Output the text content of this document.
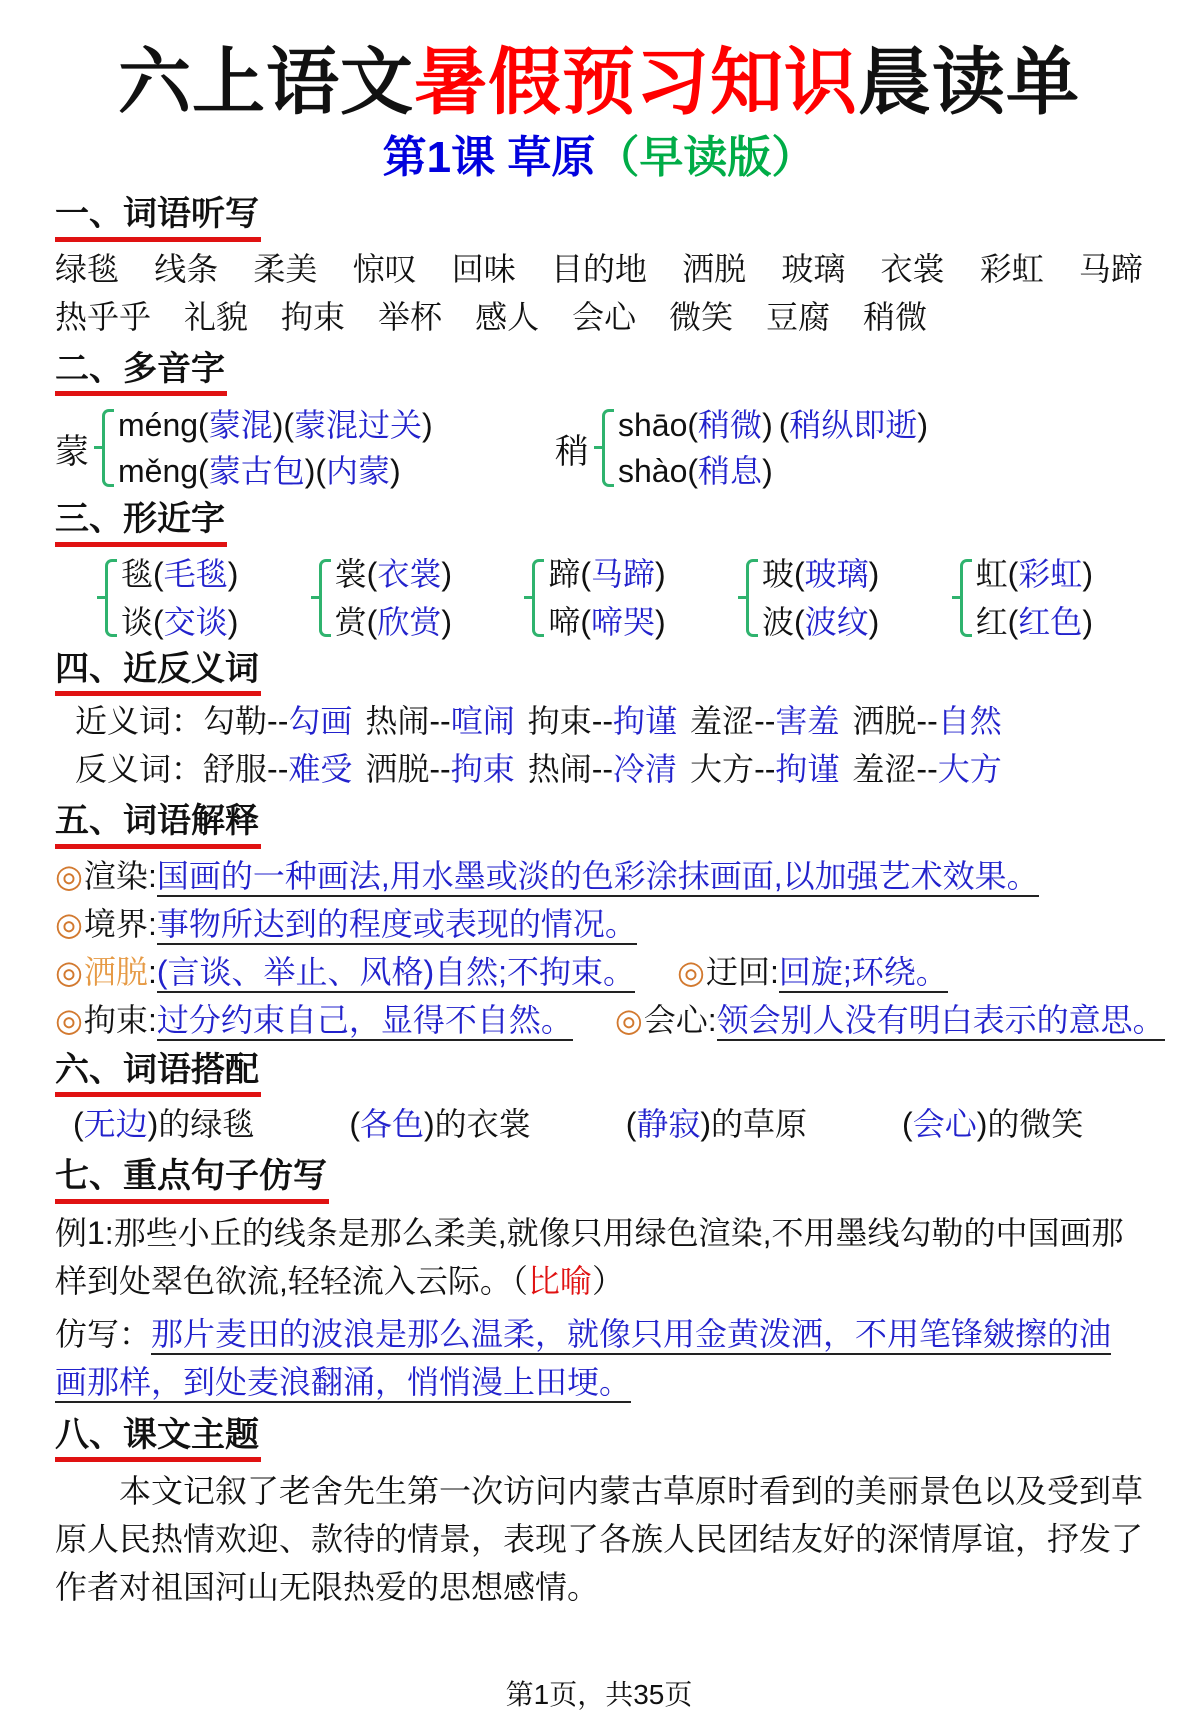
六上语文暑假预习知识晨读单
第1课 草原（早读版）
一、词语听写
绿毯 线条 柔美 惊叹 回味 目的地 洒脱 玻璃 衣裳 彩虹 马蹄
热乎乎 礼貌 拘束 举杯 感人 会心 微笑 豆腐 稍微
二、多音字
蒙
méng(蒙混)(蒙混过关)
měng(蒙古包)(内蒙)
稍
shāo(稍微) (稍纵即逝)
shào(稍息)
三、形近字
毯(毛毯)
谈(交谈)
裳(衣裳)
赏(欣赏)
蹄(马蹄)
啼(啼哭)
玻(玻璃)
波(波纹)
虹(彩虹)
红(红色)
四、近反义词
近义词：勾勒--勾画 热闹--喧闹 拘束--拘谨 羞涩--害羞 洒脱--自然
反义词：舒服--难受 洒脱--拘束 热闹--冷清 大方--拘谨 羞涩--大方
五、词语解释
◎渲染:国画的一种画法,用水墨或淡的色彩涂抹画面,以加强艺术效果。
◎境界:事物所达到的程度或表现的情况。
◎洒脱:(言谈、举止、风格)自然;不拘束。 ◎迂回:回旋;环绕。
◎拘束:过分约束自己，显得不自然。 ◎会心:领会别人没有明白表示的意思。
六、词语搭配
(无边)的绿毯	(各色)的衣裳	(静寂)的草原	(会心)的微笑
七、重点句子仿写
例1:那些小丘的线条是那么柔美,就像只用绿色渲染,不用墨线勾勒的中国画那样到处翠色欲流,轻轻流入云际。（比喻）
仿写：那片麦田的波浪是那么温柔，就像只用金黄泼洒，不用笔锋皴擦的油画那样，到处麦浪翻涌，悄悄漫上田埂。
八、课文主题
本文记叙了老舍先生第一次访问内蒙古草原时看到的美丽景色以及受到草原人民热情欢迎、款待的情景，表现了各族人民团结友好的深情厚谊，抒发了作者对祖国河山无限热爱的思想感情。
第1页，共35页
